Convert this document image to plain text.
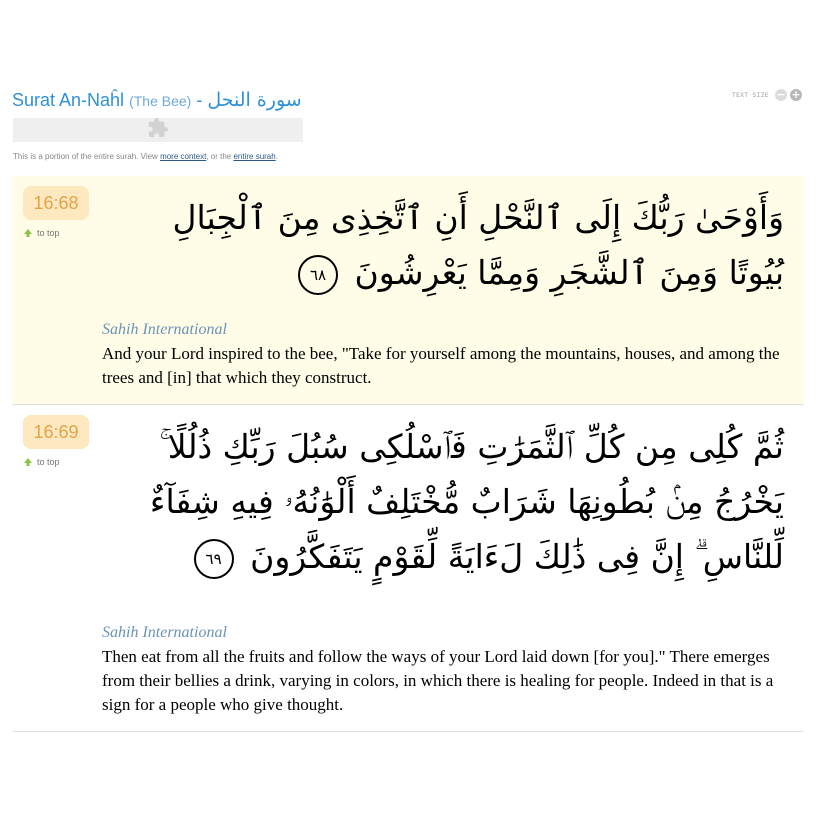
Surat An-Naĥl (The Bee) - سورة النحل	TEXT SIZE − +
This is a portion of the entire surah. View more context, or the entire surah.
16:68
to top	وَأَوْحَىٰ رَبُّكَ إِلَى ٱلنَّحْلِ أَنِ ٱتَّخِذِى مِنَ ٱلْجِبَالِ بُيُوتًا وَمِنَ ٱلشَّجَرِ وَمِمَّا يَعْرِشُونَ ٦٨
Sahih International
And your Lord inspired to the bee, "Take for yourself among the mountains, houses, and among the trees and [in] that which they construct.
16:69
to top	ثُمَّ كُلِى مِن كُلِّ ٱلثَّمَرَٰتِ فَٱسْلُكِى سُبُلَ رَبِّكِ ذُلُلًا ۚ يَخْرُجُ مِنۢ بُطُونِهَا شَرَابٌ مُّخْتَلِفٌ أَلْوَٰنُهُۥ فِيهِ شِفَآءٌ لِّلنَّاسِ ۗ إِنَّ فِى ذَٰلِكَ لَءَايَةً لِّقَوْمٍ يَتَفَكَّرُونَ ٦٩
Sahih International
Then eat from all the fruits and follow the ways of your Lord laid down [for you]." There emerges from their bellies a drink, varying in colors, in which there is healing for people. Indeed in that is a sign for a people who give thought.
